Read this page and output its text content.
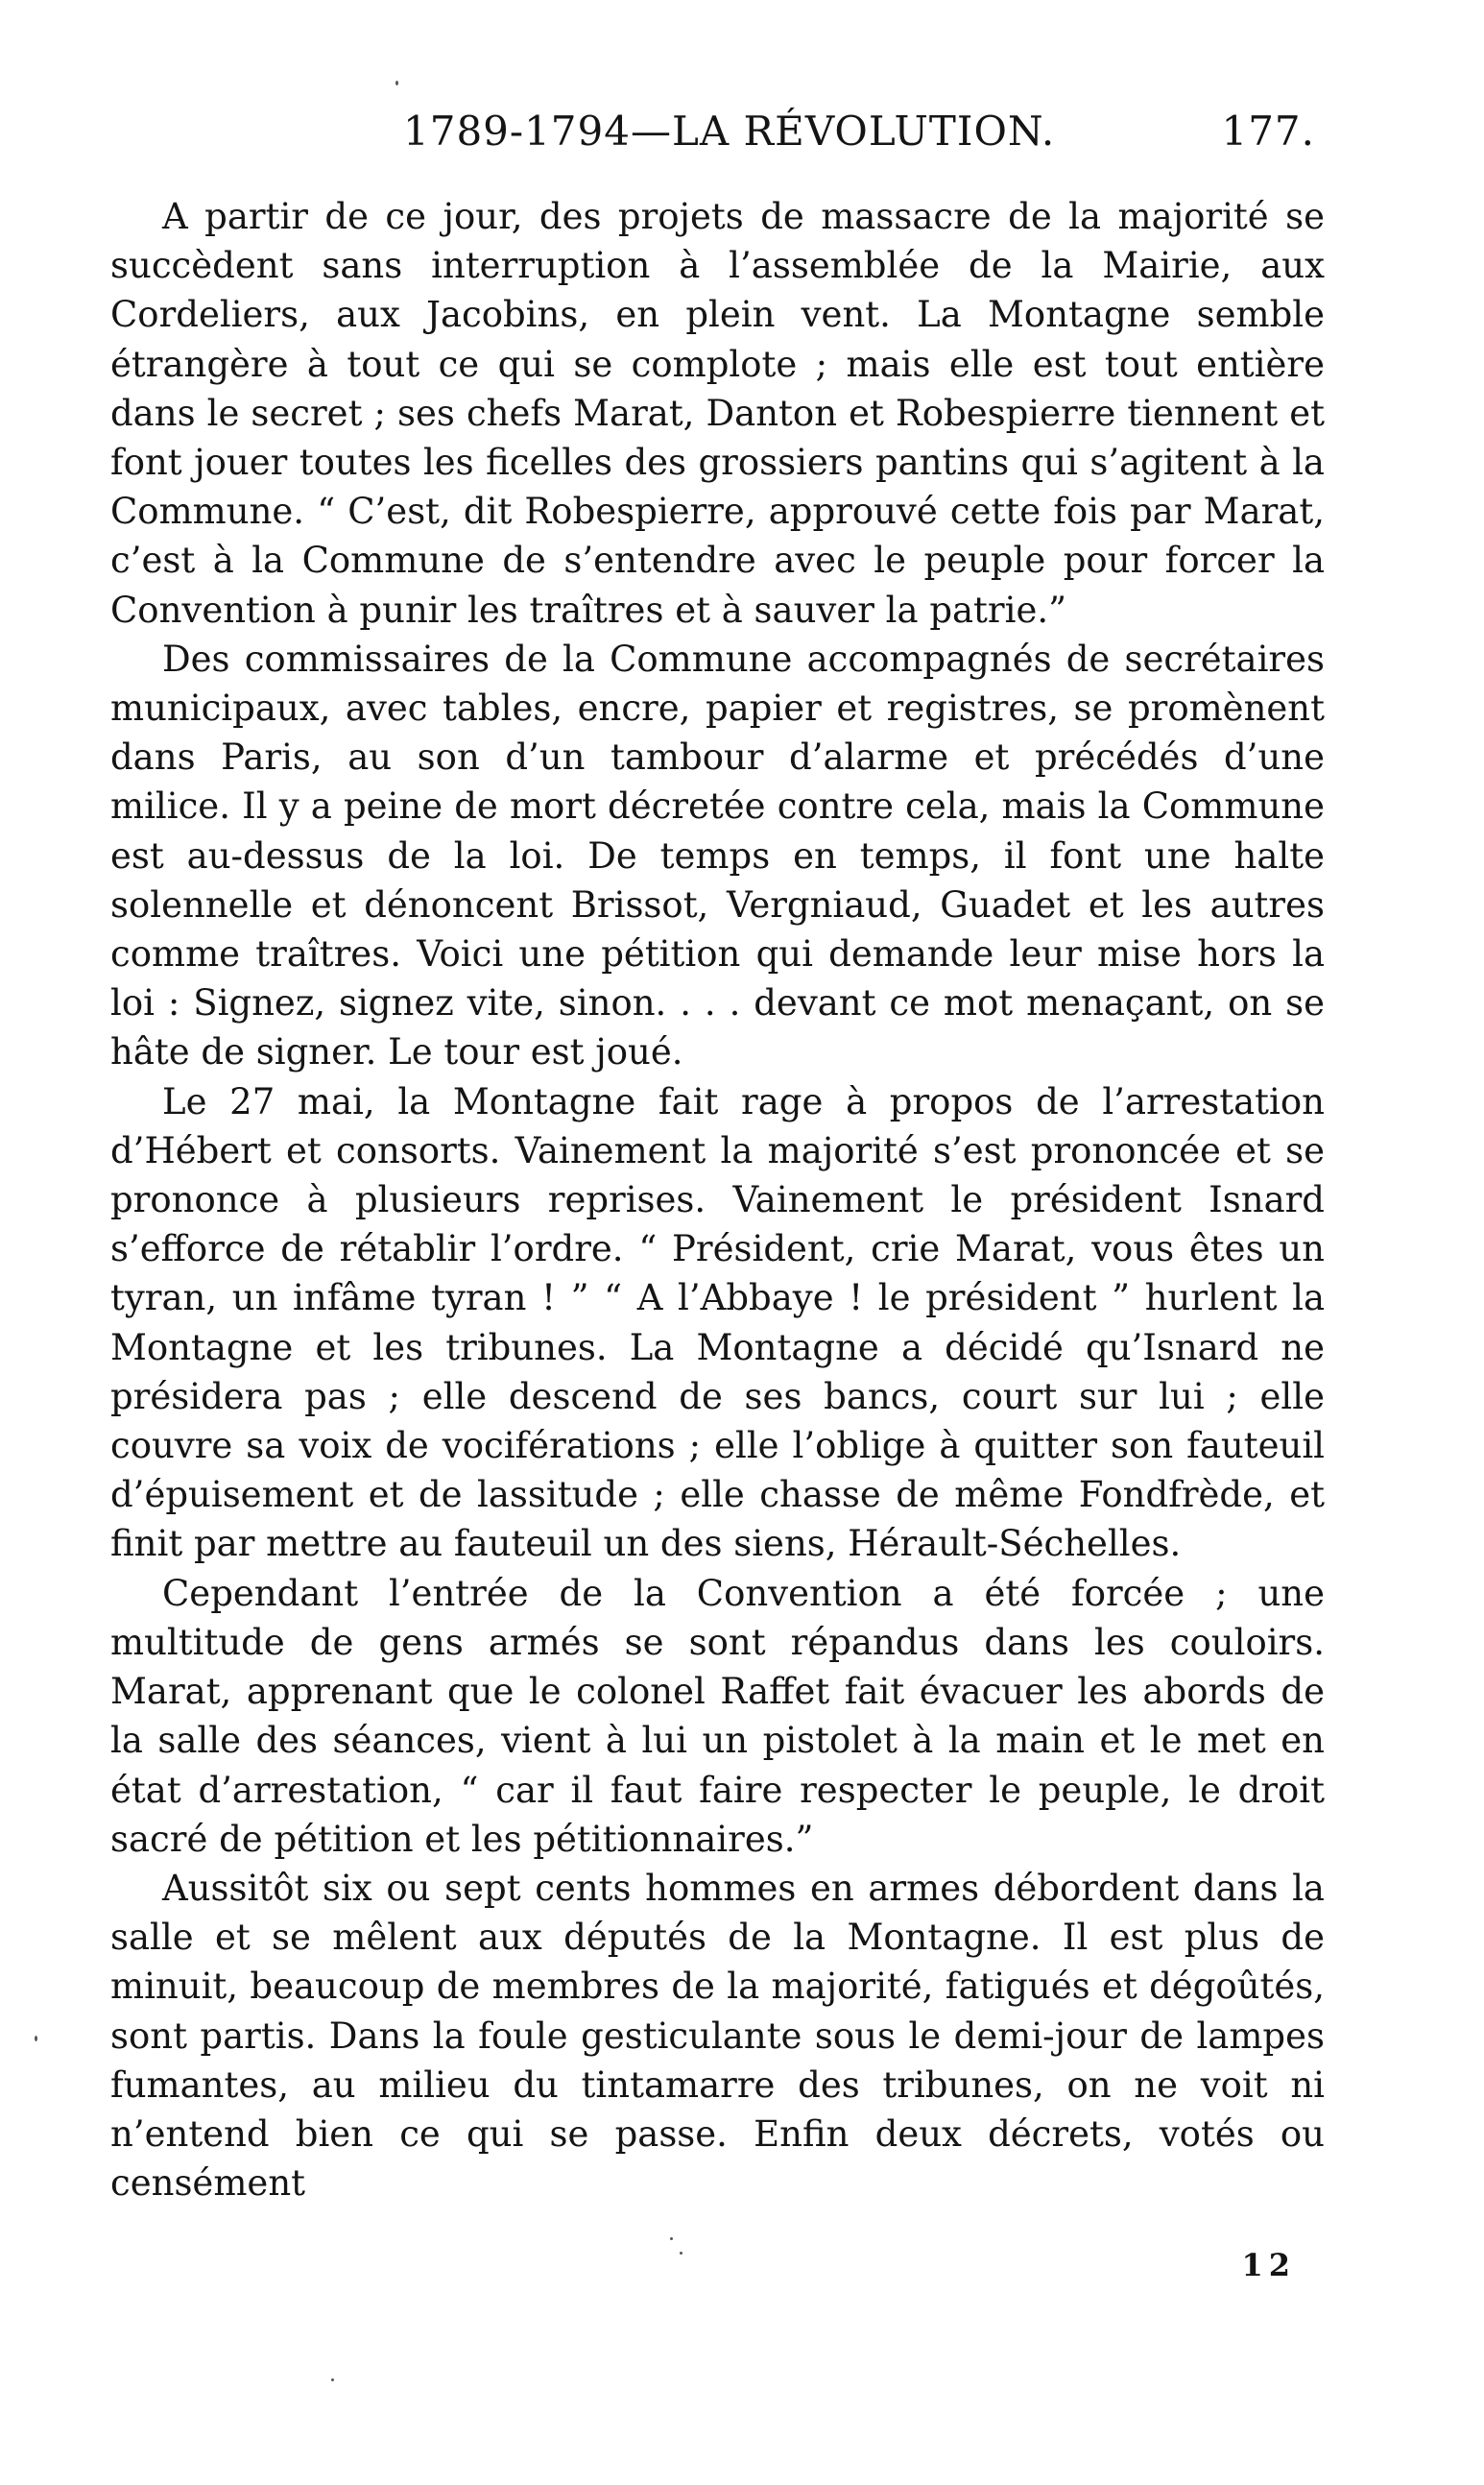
1789-1794—LA RÉVOLUTION.	177.

A partir de ce jour, des projets de massacre de la majorité se succèdent sans interruption à l’assemblée de la Mairie, aux Cordeliers, aux Jacobins, en plein vent. La Montagne semble étrangère à tout ce qui se complote ; mais elle est tout entière dans le secret ; ses chefs Marat, Danton et Robespierre tiennent et font jouer toutes les ficelles des grossiers pantins qui s’agitent à la Commune. “ C’est, dit Robespierre, approuvé cette fois par Marat, c’est à la Commune de s’entendre avec le peuple pour forcer la Convention à punir les traîtres et à sauver la patrie.”

Des commissaires de la Commune accompagnés de secrétaires municipaux, avec tables, encre, papier et registres, se promènent dans Paris, au son d’un tambour d’alarme et précédés d’une milice. Il y a peine de mort décretée contre cela, mais la Commune est au-dessus de la loi. De temps en temps, il font une halte solennelle et dénoncent Brissot, Vergniaud, Guadet et les autres comme traîtres. Voici une pétition qui demande leur mise hors la loi : Signez, signez vite, sinon. . . . devant ce mot menaçant, on se hâte de signer. Le tour est joué.

Le 27 mai, la Montagne fait rage à propos de l’arrestation d’Hébert et consorts. Vainement la majorité s’est prononcée et se prononce à plusieurs reprises. Vainement le président Isnard s’efforce de rétablir l’ordre. “ Président, crie Marat, vous êtes un tyran, un infâme tyran ! ” “ A l’Abbaye ! le président ” hurlent la Montagne et les tribunes. La Montagne a décidé qu’Isnard ne présidera pas ; elle descend de ses bancs, court sur lui ; elle couvre sa voix de vociférations ; elle l’oblige à quitter son fauteuil d’épuisement et de lassitude ; elle chasse de même Fondfrède, et finit par mettre au fauteuil un des siens, Hérault-Séchelles.

Cependant l’entrée de la Convention a été forcée ; une multitude de gens armés se sont répandus dans les couloirs. Marat, apprenant que le colonel Raffet fait évacuer les abords de la salle des séances, vient à lui un pistolet à la main et le met en état d’arrestation, “ car il faut faire respecter le peuple, le droit sacré de pétition et les pétitionnaires.”

Aussitôt six ou sept cents hommes en armes débordent dans la salle et se mêlent aux députés de la Montagne. Il est plus de minuit, beaucoup de membres de la majorité, fatigués et dégoûtés, sont partis. Dans la foule gesticulante sous le demi-jour de lampes fumantes, au milieu du tintamarre des tribunes, on ne voit ni n’entend bien ce qui se passe. Enfin deux décrets, votés ou censément

12
